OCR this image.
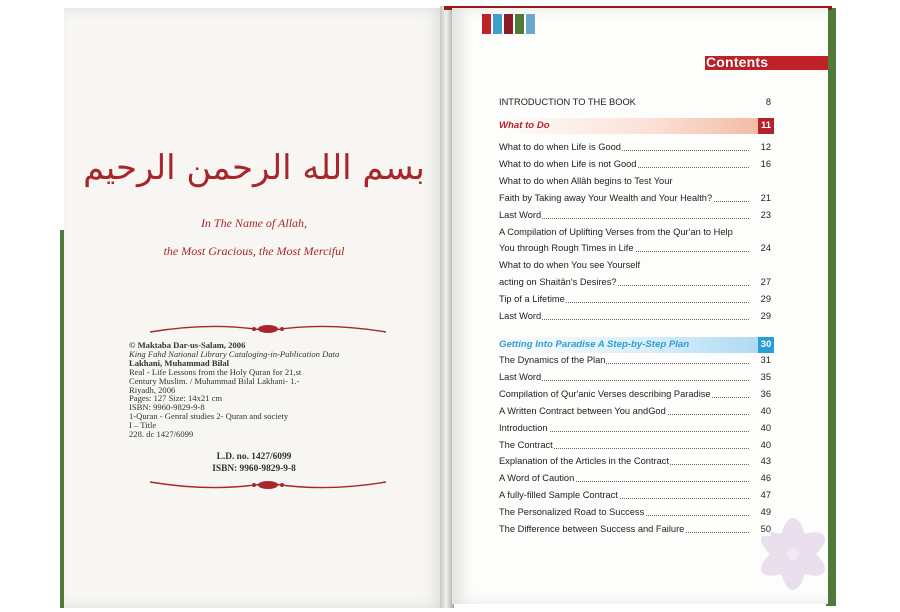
بسم الله الرحمن الرحيم
In The Name of Allah,
the Most Gracious, the Most Merciful
© Maktaba Dar-us-Salam, 2006
King Fahd National Library Cataloging-in-Publication Data
Lakhani, Muhammad Bilal
Real - Life Lessons from the Holy Quran for 21,st
Century Muslim. / Muhammad Bilal Lakhani- 1.-
Riyadh, 2006
Pages: 127 Size: 14x21 cm
ISBN: 9960-9829-9-8
1-Quran - Genral studies 2- Quran and society
I – Title
228. dc 1427/6099
L.D. no. 1427/6099
ISBN: 9960-9829-9-8
Contents
INTRODUCTION TO THE BOOK	8
What to Do	11
What to do when Life is Good	12
What to do when Life is not Good	16
What to do when Allâh begins to Test Your
Faith by Taking away Your Wealth and Your Health?	21
Last Word	23
A Compilation of Uplifting Verses from the Qur'an to Help
You through Rough Times in Life	24
What to do when You see Yourself
acting on Shaitân's Desires?	27
Tip of a Lifetime	29
Last Word	29
Getting Into Paradise A Step-by-Step Plan	30
The Dynamics of the Plan	31
Last Word	35
Compilation of Qur'anic Verses describing Paradise	36
A Written Contract between You andGod	40
Introduction	40
The Contract	40
Explanation of the Articles in the Contract	43
A Word of Caution	46
A fully-filled Sample Contract	47
The Personalized Road to Success	49
The Difference between Success and Failure	50
